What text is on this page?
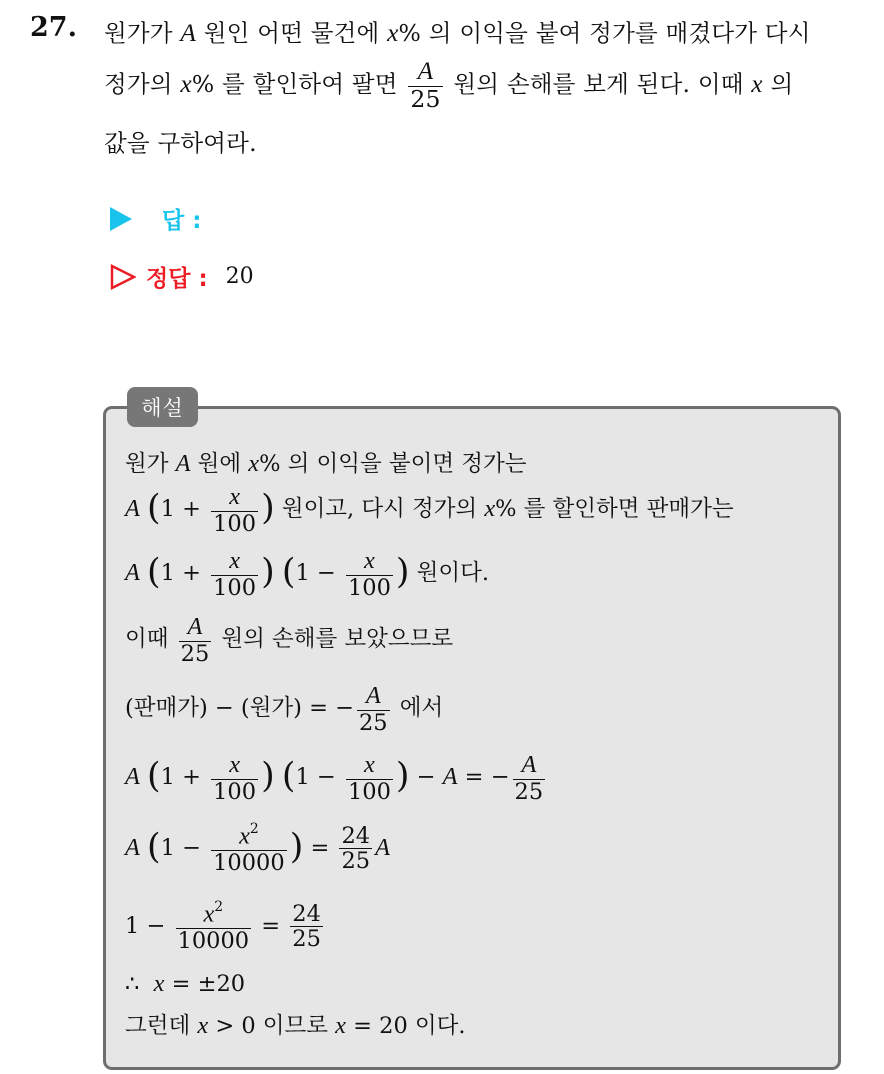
27. 원가가 A 원인 어떤 물건에 x% 의 이익을 붙여 정가를 매겼다가 다시
정가의 x% 를 할인하여 팔면 $\frac{A}{25}$ 원의 손해를 보게 된다. 이때 x 의
값을 구하여라.
답 :
정답 : 20
해설
원가 A 원에 x% 의 이익을 붙이면 정가는
A ($1 + \frac{x}{100}$ ) 원이고, 다시 정가의 x% 를 할인하면 판매가는
A ($1 + \frac{x}{100}$ ) ($1 - \frac{x}{100}$ ) 원이다.
이때 $\frac{A}{25}$ 원의 손해를 보았으므로
(판매가) − (원가) = − $\frac{A}{25}$ 에서
A ($1 + \frac{x}{100}$ ) ($1 - \frac{x}{100}$ ) − A = − $\frac{A}{25}$
A ($1 - \frac{x^2}{10000}$ ) = $\frac{24}{25}$ A
$1 - \frac{x^2}{10000} = \frac{24}{25}$
∴ x = ±20
그런데 x > 0 이므로 x = 20 이다.
